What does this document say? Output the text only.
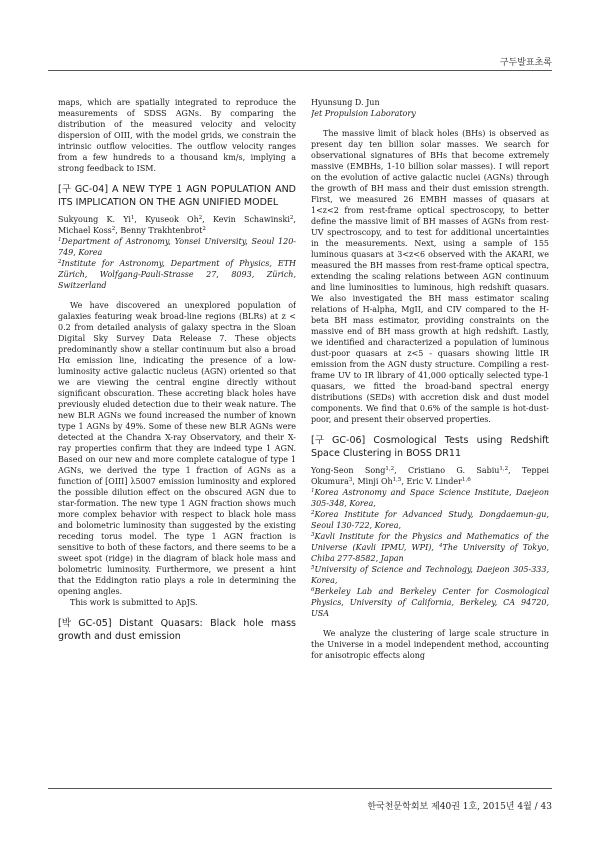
구두발표초록

maps, which are spatially integrated to reproduce the measurements of SDSS AGNs. By comparing the distribution of the measured velocity and velocity dispersion of OIII, with the model grids, we constrain the intrinsic outflow velocities. The outflow velocity ranges from a few hundreds to a thousand km/s, implying a strong feedback to ISM.

[구 GC-04] A NEW TYPE 1 AGN POPULATION AND ITS IMPLICATION ON THE AGN UNIFIED MODEL

Sukyoung K. Yi$^1$, Kyuseok Oh$^2$, Kevin Schawinski$^2$, Michael Koss$^2$, Benny Trakhtenbrot$^2$

$^1$Department of Astronomy, Yonsei University, Seoul 120-749, Korea

$^2$Institute for Astronomy, Department of Physics, ETH Zürich, Wolfgang-Pauli-Strasse 27, 8093, Zürich, Switzerland

We have discovered an unexplored population of galaxies featuring weak broad-line regions (BLRs) at z < 0.2 from detailed analysis of galaxy spectra in the Sloan Digital Sky Survey Data Release 7. These objects predominantly show a stellar continuum but also a broad Hα emission line, indicating the presence of a low-luminosity active galactic nucleus (AGN) oriented so that we are viewing the central engine directly without significant obscuration. These accreting black holes have previously eluded detection due to their weak nature. The new BLR AGNs we found increased the number of known type 1 AGNs by 49%. Some of these new BLR AGNs were detected at the Chandra X-ray Observatory, and their X-ray properties confirm that they are indeed type 1 AGN. Based on our new and more complete catalogue of type 1 AGNs, we derived the type 1 fraction of AGNs as a function of [OIII] λ5007 emission luminosity and explored the possible dilution effect on the obscured AGN due to star-formation. The new type 1 AGN fraction shows much more complex behavior with respect to black hole mass and bolometric luminosity than suggested by the existing receding torus model. The type 1 AGN fraction is sensitive to both of these factors, and there seems to be a sweet spot (ridge) in the diagram of black hole mass and bolometric luminosity. Furthermore, we present a hint that the Eddington ratio plays a role in determining the opening angles.

This work is submitted to ApJS.

[박 GC-05] Distant Quasars: Black hole mass growth and dust emission

Hyunsung D. Jun

Jet Propulsion Laboratory

The massive limit of black holes (BHs) is observed as present day ten billion solar masses. We search for observational signatures of BHs that become extremely massive (EMBHs, 1-10 billion solar masses). I will report on the evolution of active galactic nuclei (AGNs) through the growth of BH mass and their dust emission strength. First, we measured 26 EMBH masses of quasars at 1<z<2 from rest-frame optical spectroscopy, to better define the massive limit of BH masses of AGNs from rest-UV spectroscopy, and to test for additional uncertainties in the measurements. Next, using a sample of 155 luminous quasars at 3<z<6 observed with the AKARI, we measured the BH masses from rest-frame optical spectra, extending the scaling relations between AGN continuum and line luminosities to luminous, high redshift quasars. We also investigated the BH mass estimator scaling relations of H-alpha, MgII, and CIV compared to the H-beta BH mass estimator, providing constraints on the massive end of BH mass growth at high redshift. Lastly, we identified and characterized a population of luminous dust-poor quasars at z<5 - quasars showing little IR emission from the AGN dusty structure. Compiling a rest-frame UV to IR library of 41,000 optically selected type-1 quasars, we fitted the broad-band spectral energy distributions (SEDs) with accretion disk and dust model components. We find that 0.6% of the sample is hot-dust-poor, and present their observed properties.

[구 GC-06] Cosmological Tests using Redshift Space Clustering in BOSS DR11

Yong-Seon Song$^{1,2}$, Cristiano G. Sabiu$^{1,2}$, Teppei Okumura$^3$, Minji Oh$^{1,5}$, Eric V. Linder$^{1,6}$

$^1$Korea Astronomy and Space Science Institute, Daejeon 305-348, Korea,

$^2$Korea Institute for Advanced Study, Dongdaemun-gu, Seoul 130-722, Korea,

$^3$Kavli Institute for the Physics and Mathematics of the Universe (Kavli IPMU, WPI), $^4$The University of Tokyo, Chiba 277-8582, Japan

$^5$University of Science and Technology, Daejeon 305-333, Korea,

$^6$Berkeley Lab and Berkeley Center for Cosmological Physics, University of California, Berkeley, CA 94720, USA

We analyze the clustering of large scale structure in the Universe in a model independent method, accounting for anisotropic effects along

한국천문학회보 제40권 1호, 2015년 4월 / 43
